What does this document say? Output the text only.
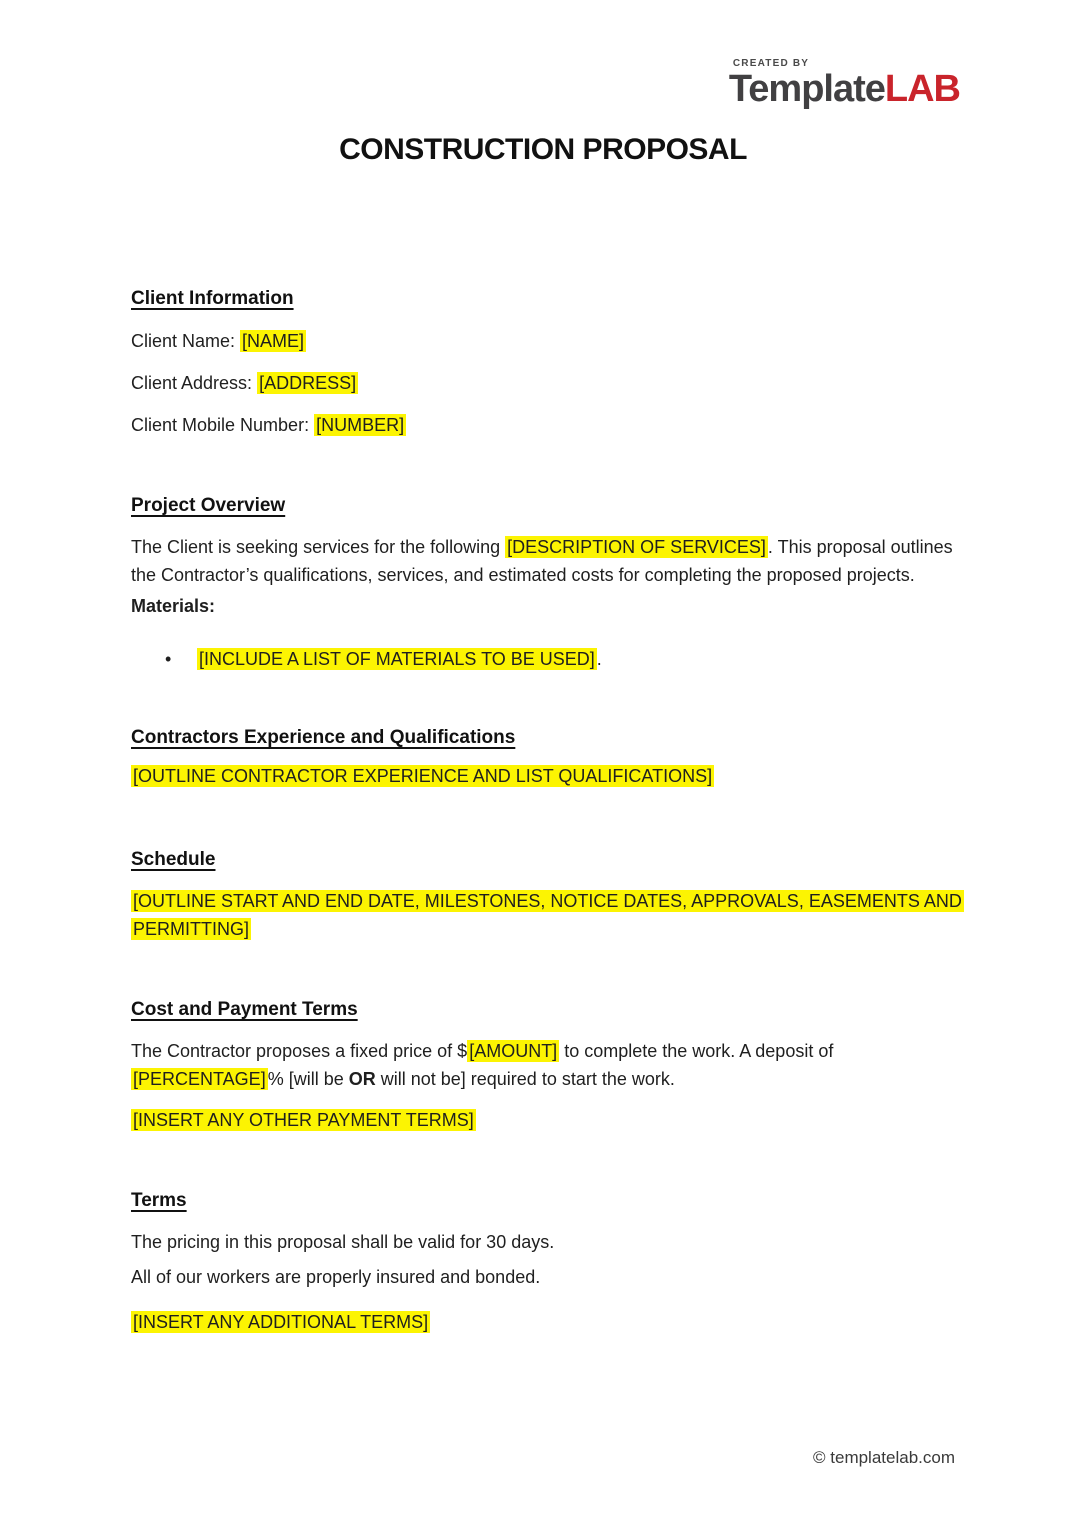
CREATED BY
TemplateLAB
CONSTRUCTION PROPOSAL
Client Information
Client Name: [NAME]
Client Address: [ADDRESS]
Client Mobile Number: [NUMBER]
Project Overview
The Client is seeking services for the following [DESCRIPTION OF SERVICES] . This proposal outlines the Contractor’s qualifications, services, and estimated costs for completing the proposed projects.
Materials:
•	[INCLUDE A LIST OF MATERIALS TO BE USED] .
Contractors Experience and Qualifications
[OUTLINE CONTRACTOR EXPERIENCE AND LIST QUALIFICATIONS]
Schedule
[OUTLINE START AND END DATE, MILESTONES, NOTICE DATES, APPROVALS, EASEMENTS AND PERMITTING]
Cost and Payment Terms
The Contractor proposes a fixed price of $ [AMOUNT] to complete the work. A deposit of [PERCENTAGE] % [will be OR will not be] required to start the work.
[INSERT ANY OTHER PAYMENT TERMS]
Terms
The pricing in this proposal shall be valid for 30 days.
All of our workers are properly insured and bonded.
[INSERT ANY ADDITIONAL TERMS]
© templatelab.com
